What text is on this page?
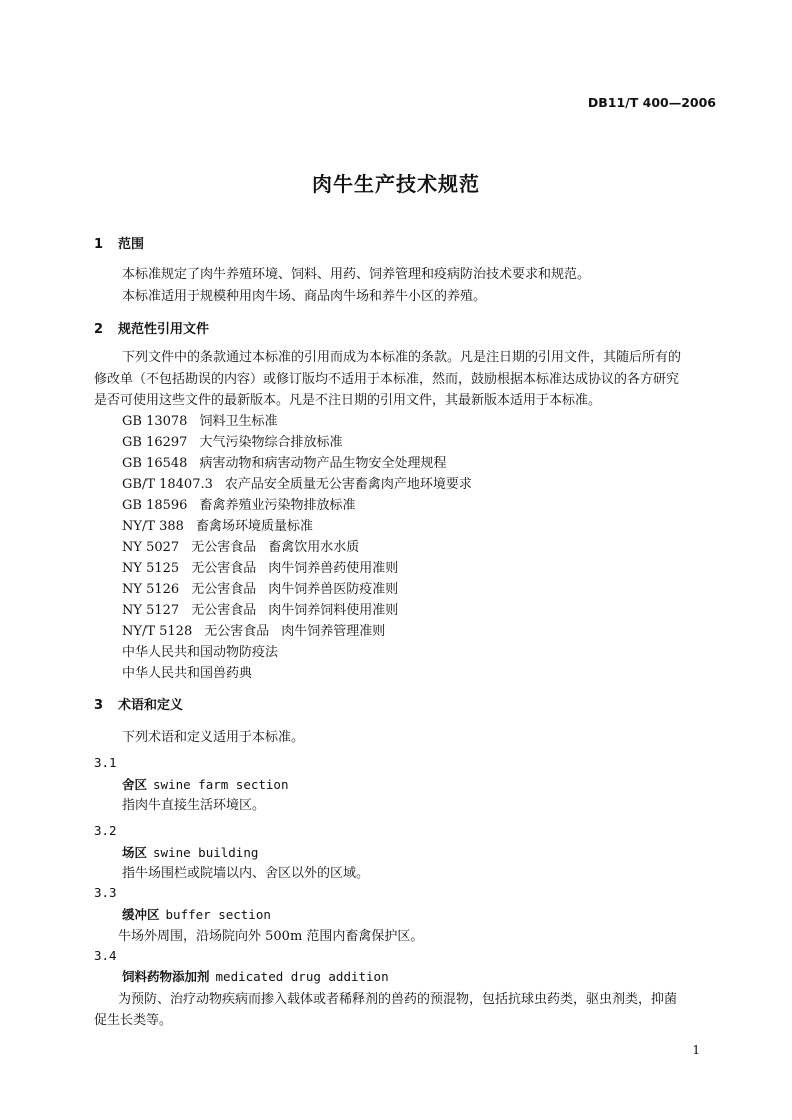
DB11/T 400—2006
肉牛生产技术规范
1 范围
本标准规定了肉牛养殖环境、饲料、用药、饲养管理和疫病防治技术要求和规范。
本标准适用于规模种用肉牛场、商品肉牛场和养牛小区的养殖。
2 规范性引用文件
下列文件中的条款通过本标准的引用而成为本标准的条款。凡是注日期的引用文件，其随后所有的
修改单（不包括勘误的内容）或修订版均不适用于本标准，然而，鼓励根据本标准达成协议的各方研究
是否可使用这些文件的最新版本。凡是不注日期的引用文件，其最新版本适用于本标准。
GB 13078 饲料卫生标准
GB 16297 大气污染物综合排放标准
GB 16548 病害动物和病害动物产品生物安全处理规程
GB/T 18407.3 农产品安全质量无公害畜禽肉产地环境要求
GB 18596 畜禽养殖业污染物排放标准
NY/T 388 畜禽场环境质量标准
NY 5027 无公害食品 畜禽饮用水水质
NY 5125 无公害食品 肉牛饲养兽药使用准则
NY 5126 无公害食品 肉牛饲养兽医防疫准则
NY 5127 无公害食品 肉牛饲养饲料使用准则
NY/T 5128 无公害食品 肉牛饲养管理准则
中华人民共和国动物防疫法
中华人民共和国兽药典
3 术语和定义
下列术语和定义适用于本标准。
3.1
舍区 swine farm section
指肉牛直接生活环境区。
3.2
场区 swine building
指牛场围栏或院墙以内、舍区以外的区域。
3.3
缓冲区 buffer section
牛场外周围，沿场院向外 500m 范围内畜禽保护区。
3.4
饲料药物添加剂 medicated drug addition
为预防、治疗动物疾病而掺入载体或者稀释剂的兽药的预混物，包括抗球虫药类，驱虫剂类，抑菌
促生长类等。
1
